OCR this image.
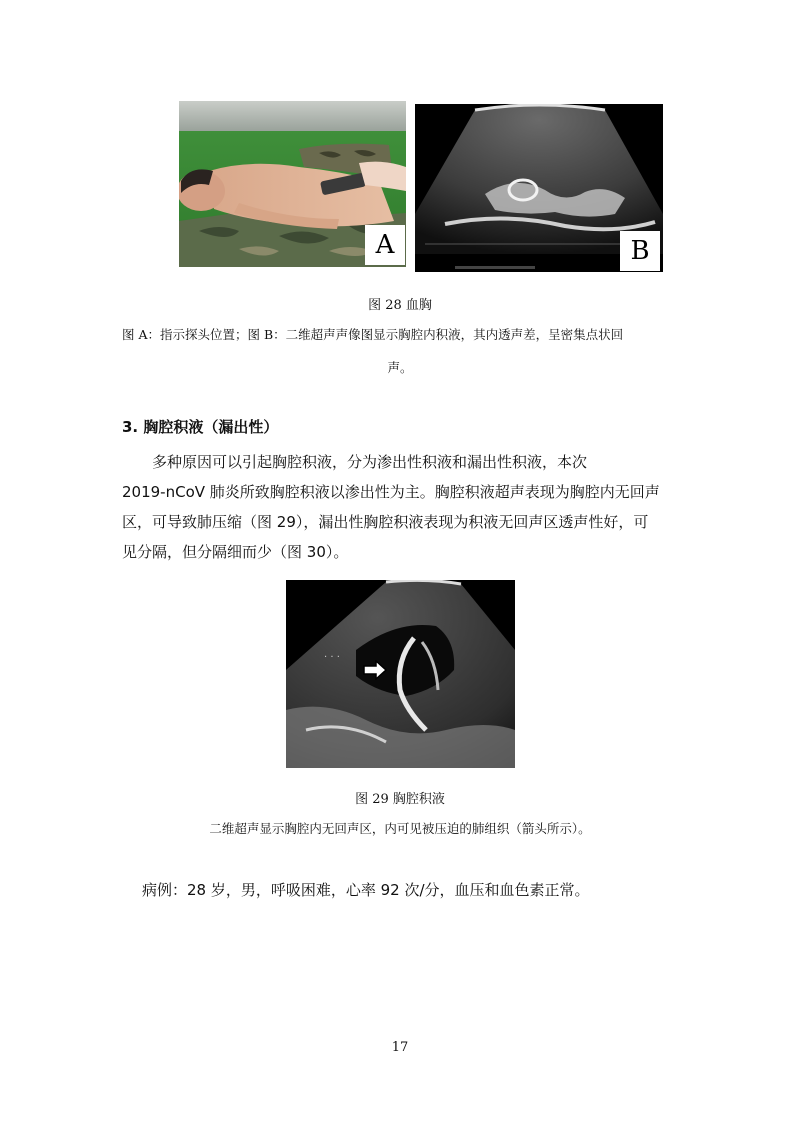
A	B
图 28 血胸
图 A：指示探头位置；图 B：二维超声声像图显示胸腔内积液，其内透声差，呈密集点状回
声。
3. 胸腔积液（漏出性）
多种原因可以引起胸腔积液，分为渗出性积液和漏出性积液，本次
2019-nCoV 肺炎所致胸腔积液以渗出性为主。胸腔积液超声表现为胸腔内无回声
区，可导致肺压缩（图 29），漏出性胸腔积液表现为积液无回声区透声性好，可
见分隔，但分隔细而少（图 30）。
· · ·
图 29 胸腔积液
二维超声显示胸腔内无回声区，内可见被压迫的肺组织（箭头所示）。
病例：28 岁，男，呼吸困难，心率 92 次/分，血压和血色素正常。
17
